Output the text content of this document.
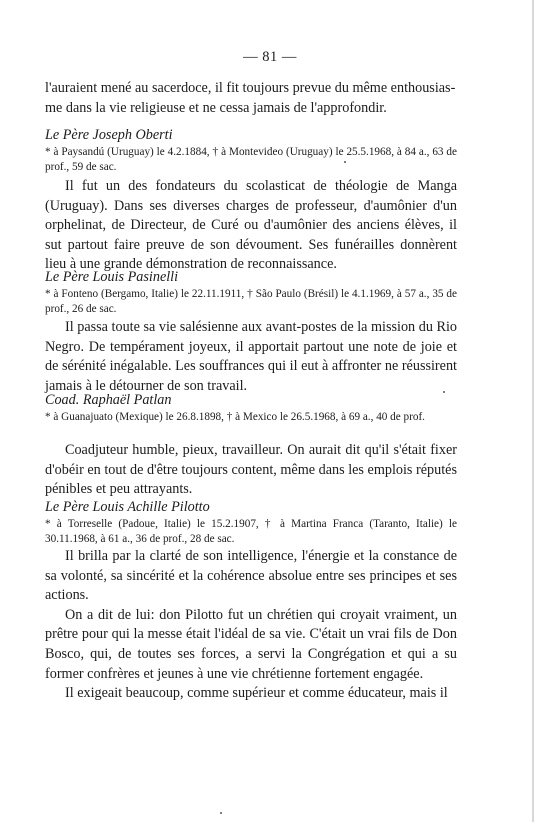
— 81 —

l'auraient mené au sacerdoce, il fit toujours prevue du même enthousias-

me dans la vie religieuse et ne cessa jamais de l'approfondir.

Le Père Joseph Oberti

* à Paysandú (Uruguay) le 4.2.1884, † à Montevideo (Uruguay) le 25.5.1968, à 84 a., 63 de prof., 59 de sac.

Il fut un des fondateurs du scolasticat de théologie de Manga (Uruguay). Dans ses diverses charges de professeur, d'aumônier d'un orphelinat, de Directeur, de Curé ou d'aumônier des anciens élèves, il sut partout faire preuve de son dévoument. Ses funérailles donnèrent lieu à une grande démonstration de reconnaissance.

Le Père Louis Pasinelli

* à Fonteno (Bergamo, Italie) le 22.11.1911, † São Paulo (Brésil) le 4.1.1969, à 57 a., 35 de prof., 26 de sac.

Il passa toute sa vie salésienne aux avant-postes de la mission du Rio Negro. De tempérament joyeux, il apportait partout une note de joie et de sérénité inégalable. Les souffrances qui il eut à affronter ne réussirent jamais à le détourner de son travail.

Coad. Raphaël Patlan

* à Guanajuato (Mexique) le 26.8.1898, † à Mexico le 26.5.1968, à 69 a., 40 de prof.

Coadjuteur humble, pieux, travailleur. On aurait dit qu'il s'était fixer d'obéir en tout de d'être toujours content, même dans les emplois réputés pénibles et peu attrayants.

Le Père Louis Achille Pilotto

* à Torreselle (Padoue, Italie) le 15.2.1907, † à Martina Franca (Taranto, Italie) le 30.11.1968, à 61 a., 36 de prof., 28 de sac.

Il brilla par la clarté de son intelligence, l'énergie et la constance de sa volonté, sa sincérité et la cohérence absolue entre ses principes et ses actions.

On a dit de lui: don Pilotto fut un chrétien qui croyait vraiment, un prêtre pour qui la messe était l'idéal de sa vie. C'était un vrai fils de Don Bosco, qui, de toutes ses forces, a servi la Congrégation et qui a su former confrères et jeunes à une vie chrétienne fortement engagée.

Il exigeait beaucoup, comme supérieur et comme éducateur, mais il
